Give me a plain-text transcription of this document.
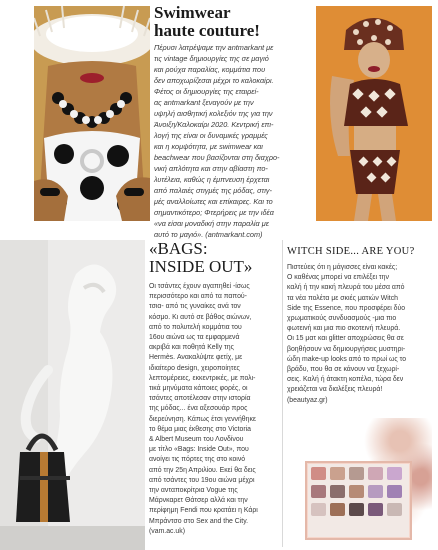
Swimwear
haute couture!
Πέρυσι λατρέψαμε την antmarkant με
τις vintage δημιουργίες της σε μαγιό
και ρούχα παραλίας, κομμάτια που
δεν αποχωρίζεσαι μέχρι το καλοκαίρι.
Φέτος οι δημιουργίες της εταιρεί-
ας antmarkant ξεναγούν με την
υψηλή αισθητική κολεξιόν της για την
Άνοιξη/Καλοκαίρι 2020. Κεντρική επι-
λογή της είναι οι δυναμικές γραμμές
και η κομψότητα, με swimwear και
beachwear που βασίζονται στη διαχρο-
νική απλότητα και στην αβίαστη πο-
λυτέλεια, καθώς η έμπνευση έρχεται
από παλαιές στιγμές της μόδας, στιγ-
μές αναλλοίωτες και επίκαιρες. Και το
σημαντικότερο; Φτερ​ήρεις με την ιδέα
«να είσαι μοναδική στην παραλία με
αυτό το μαγιό». (antmarkant.com)
«BAGS:
INSIDE OUT»
Οι τσάντες έχουν αγαπηθεί -ίσως
περισσότερο και από τα παπού-
τσια- από τις γυναίκες ανά τον
κόσμο. Κι αυτό σε βάθος αιώνων,
από το πολυτελή κομμάτια του
16ου αιώνα ως τα εμφαρμενά
ακριβά και ποθητά Kelly της
Hermès. Ανακαλύψτε φετίχ, με
ιδιαίτερο design, χειροποίητες
λεπτομέρειες, εκκεντρικές, με πολι-
τικά μηνύματα κάποιες φορές, οι
τσάντες αποτέλεσαν στην ιστορία
της μόδας... ένα αξεσουάρ προς
διερεύνηση. Κάπως έτσι γεννήθηκε
το θέμα μιας έκθεσης στο Victoria
& Albert Museum του Λονδίνου
με τίτλο «Bags: Inside Out», που
ανοίγει τις πόρτες της στο κοινό
από την 25η Απριλίου. Εκεί θα δεις
από τσάντες του 19ου αιώνα μέχρι
την ανταποκρίτρια Vogue της
Μάρνκαρετ Θάτσερ αλλά και την
περίφημη Fendi που κρατάει η Κάρι
Μπράντσο στο Sex and the City.
(vam.ac.uk)
WITCH SIDE... ARE YOU?
Πιστεύεις ότι η μάγισσες είναι κακές;
Ο καθένας μπορεί να επιλέξει την
καλή ή την κακή πλευρά του μέσα από
τα νέα πολέτα με σκιές ματιών Witch
Side της Essence, που προσφέρει δύο
χρωματικούς συνδυασμούς -μια πιο
φωτεινή και μια πιο σκοτεινή πλευρά.
Οι 15 ματ και glitter αποχρώσεις θα σε
βοηθήσουν να δημιουργήσεις μυστηρι-
ώδη make-up looks από το πρωί ως το
βράδυ, που θα σε κάνουν να ξεχωρί-
σεις. Καλή ή άτακτη κοπέλα, τώρα δεν
χρειάζεται να διαλέξεις πλευρά!
(beautyaz.gr)
